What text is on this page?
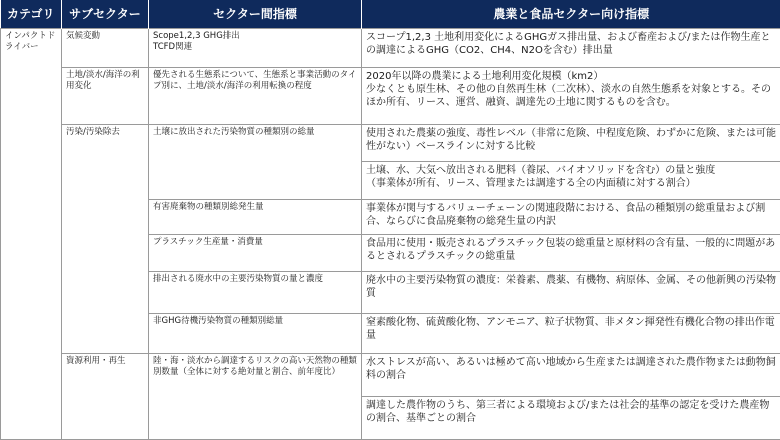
カテゴリ	サブセクター	セクター間指標	農業と食品セクター向け指標
インパクトド
ライバー	気候変動	Scope1,2,3 GHG排出
TCFD関連	スコープ1,2,3 土地利用変化によるGHGガス排出量、および畜産および/または作物生産との調達によるGHG（CO2、CH4、N2Oを含む）排出量
	土地/淡水/海洋の利用変化	優先される生態系について、生態系と事業活動のタイプ別に、土地/淡水/海洋の利用転換の程度	2020年以降の農業による土地利用変化規模（km2）
少なくとも原生林、その他の自然再生林（二次林）、淡水の自然生態系を対象とする。そのほか所有、リース、運営、融資、調達先の土地に関するものを含む。
	汚染/汚染除去	土壌に放出された汚染物質の種類別の総量	使用された農薬の強度、毒性レベル（非常に危険、中程度危険、わずかに危険、または可能性がない）ベースラインに対する比較
			土壌、水、大気へ放出される肥料（養尿、バイオソリッドを含む）の量と強度
（事業体が所有、リース、管理または調達する全の内面積に対する割合）
		有害廃棄物の種類別総発生量	事業体が関与するバリューチェーンの関連段階における、食品の種類別の総重量および割合、ならびに食品廃棄物の総発生量の内訳
		プラスチック生産量・消費量	食品用に使用・販売されるプラスチック包装の総重量と原材料の含有量、一般的に問題があるとされるプラスチックの総重量
		排出される廃水中の主要汚染物質の量と濃度	廃水中の主要汚染物質の濃度：栄養素、農薬、有機物、病原体、金属、その他新興の汚染物質
		非GHG待機汚染物質の種類別総量	窒素酸化物、硫黄酸化物、アンモニア、粒子状物質、非メタン揮発性有機化合物の排出作電量
	資源利用・再生	陸・海・淡水から調達するリスクの高い天然物の種類別数量（全体に対する絶対量と割合、前年度比）	水ストレスが高い、あるいは極めて高い地域から生産または調達された農作物または動物飼料の割合
			調達した農作物のうち、第三者による環境および/または社会的基準の認定を受けた農産物の割合、基準ごとの割合
